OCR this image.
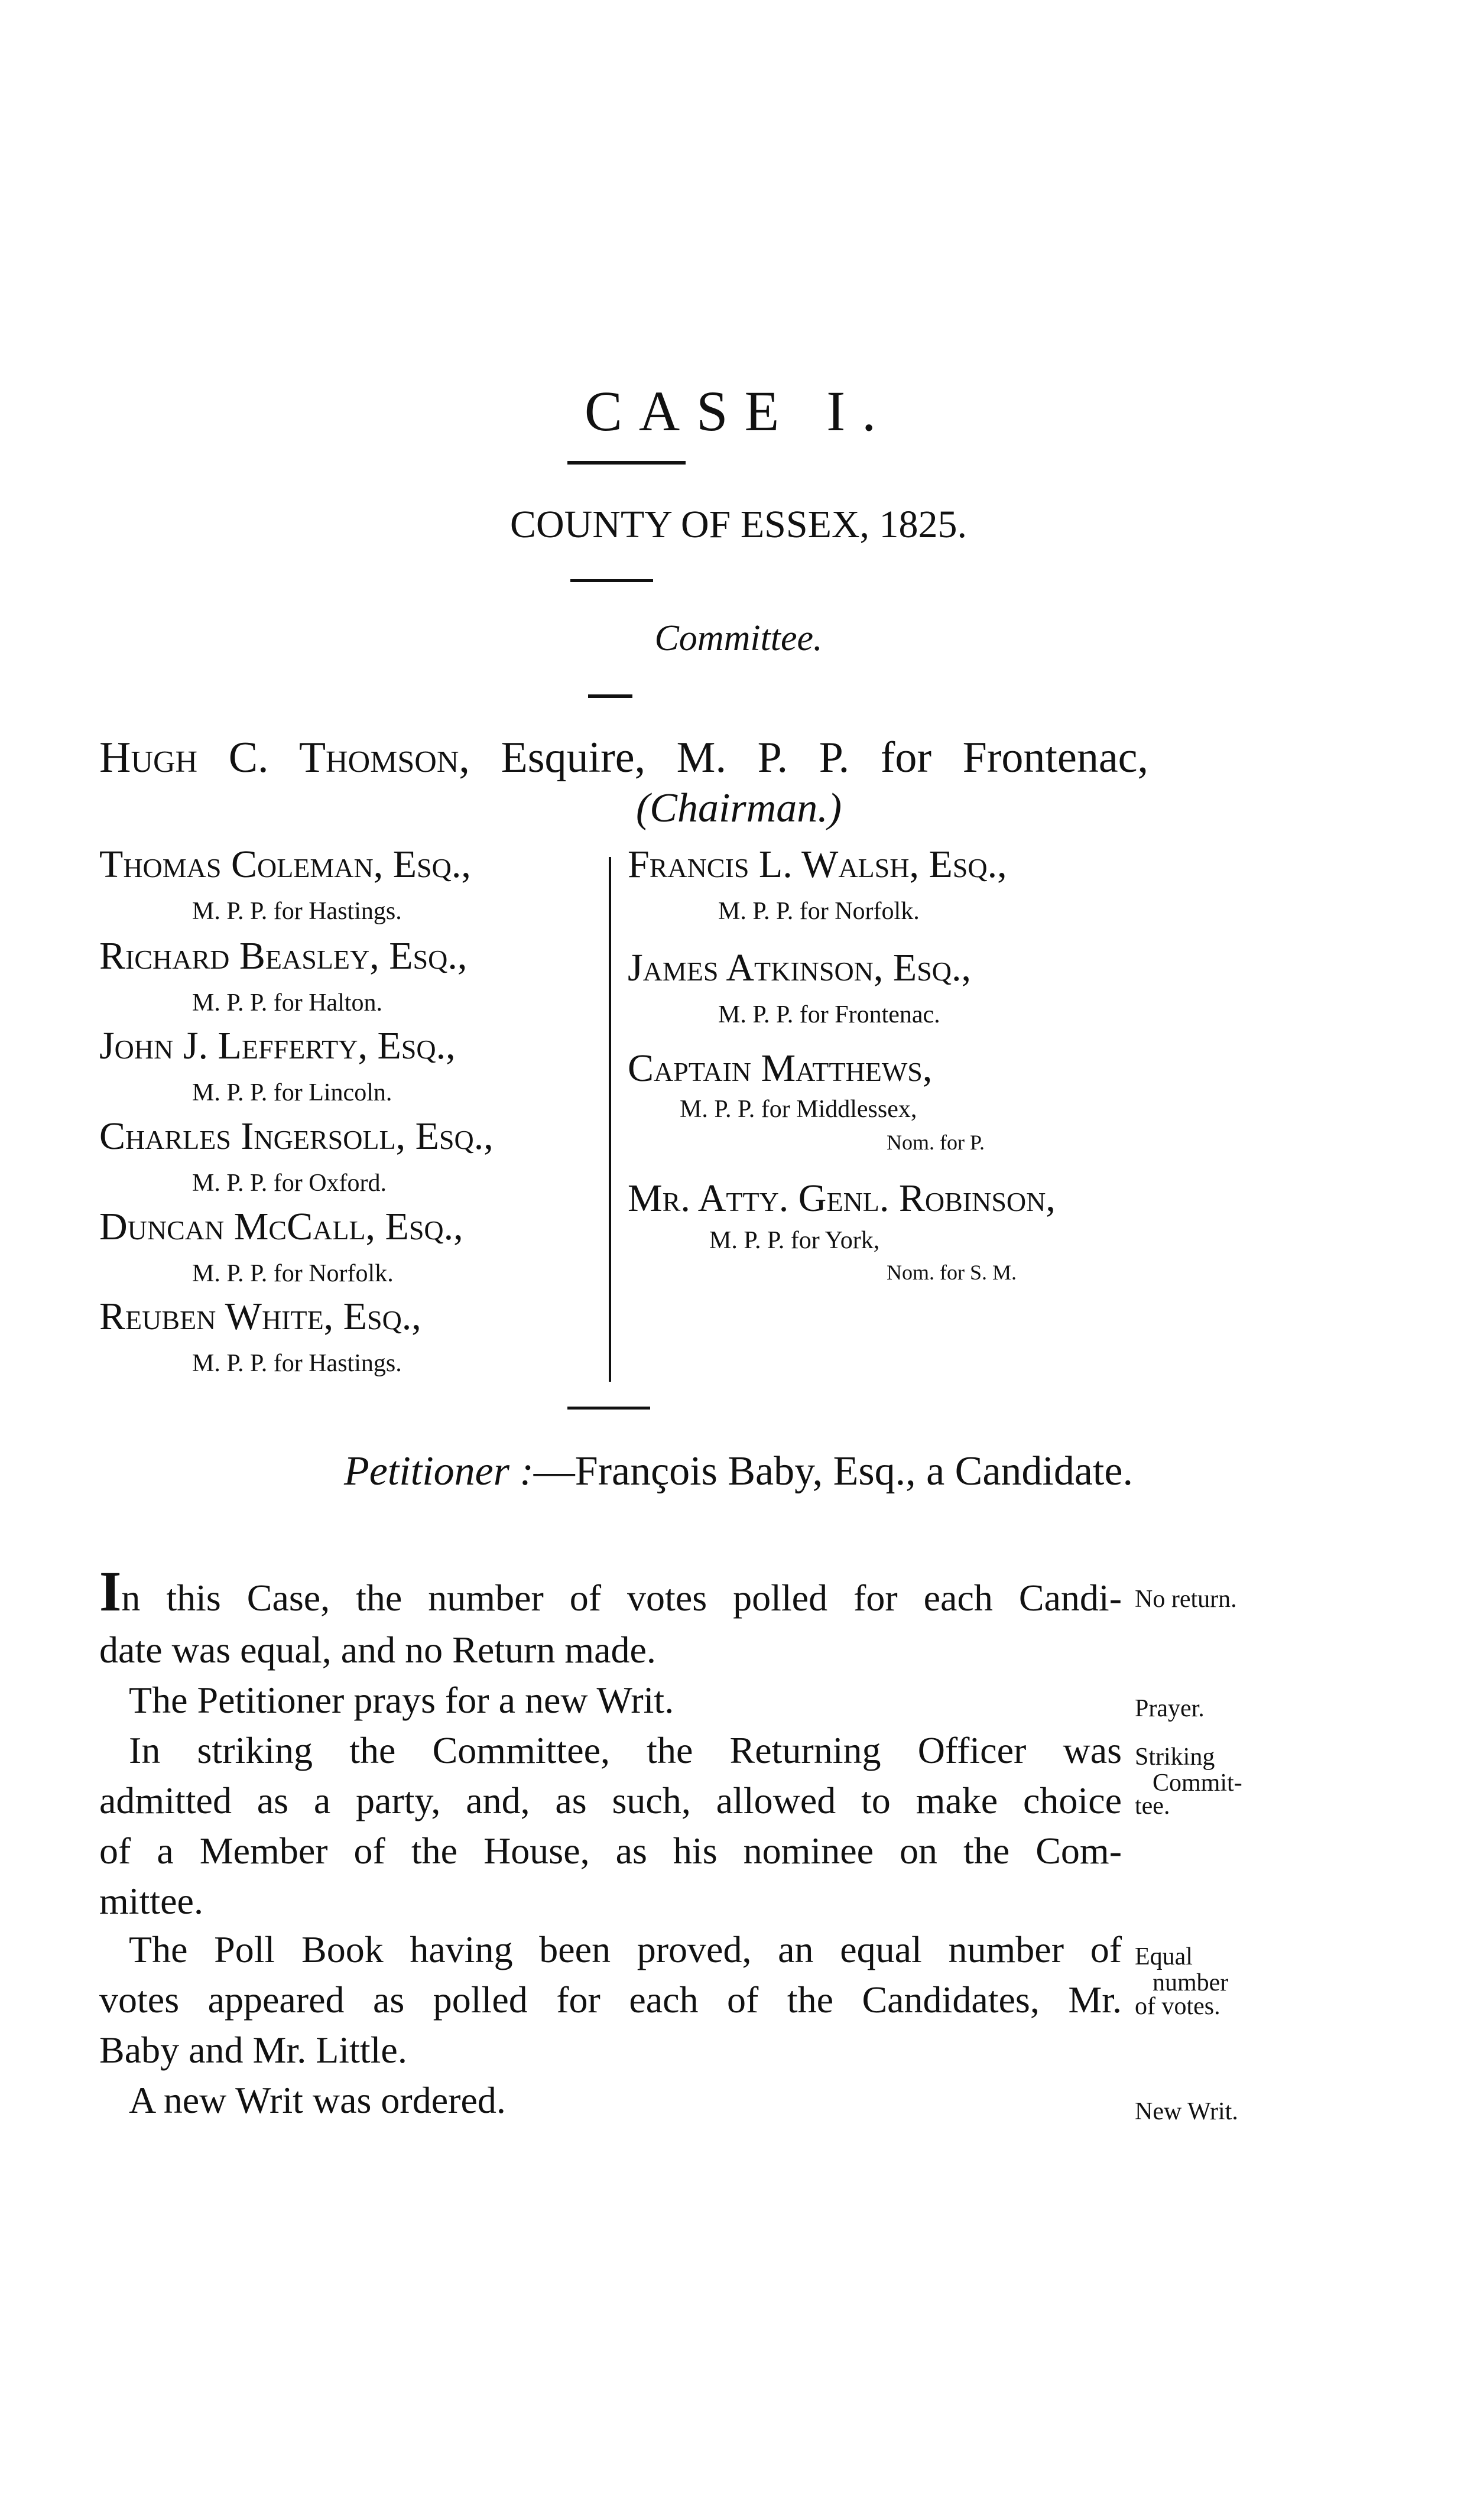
CASE I.
COUNTY OF ESSEX, 1825.
Committee.
Hugh C. Thomson, Esquire, M. P. P. for Frontenac,
(Chairman.)
Thomas Coleman, Esq.,
M. P. P. for Hastings.
Richard Beasley, Esq.,
M. P. P. for Halton.
John J. Lefferty, Esq.,
M. P. P. for Lincoln.
Charles Ingersoll, Esq.,
M. P. P. for Oxford.
Duncan McCall, Esq.,
M. P. P. for Norfolk.
Reuben White, Esq.,
M. P. P. for Hastings.
Francis L. Walsh, Esq.,
M. P. P. for Norfolk.
James Atkinson, Esq.,
M. P. P. for Frontenac.
Captain Matthews,
M. P. P. for Middlessex,
Nom. for P.
Mr. Atty. Genl. Robinson,
M. P. P. for York,
Nom. for S. M.
Petitioner :—François Baby, Esq., a Candidate.
In this Case, the number of votes polled for each Candi-
date was equal, and no Return made.
The Petitioner prays for a new Writ.
In striking the Committee, the Returning Officer was
admitted as a party, and, as such, allowed to make choice
of a Member of the House, as his nominee on the Com-
mittee.
The Poll Book having been proved, an equal number of
votes appeared as polled for each of the Candidates, Mr.
Baby and Mr. Little.
A new Writ was ordered.
No return.
Prayer.
Striking
Commit-
tee.
Equal
number
of votes.
New Writ.
